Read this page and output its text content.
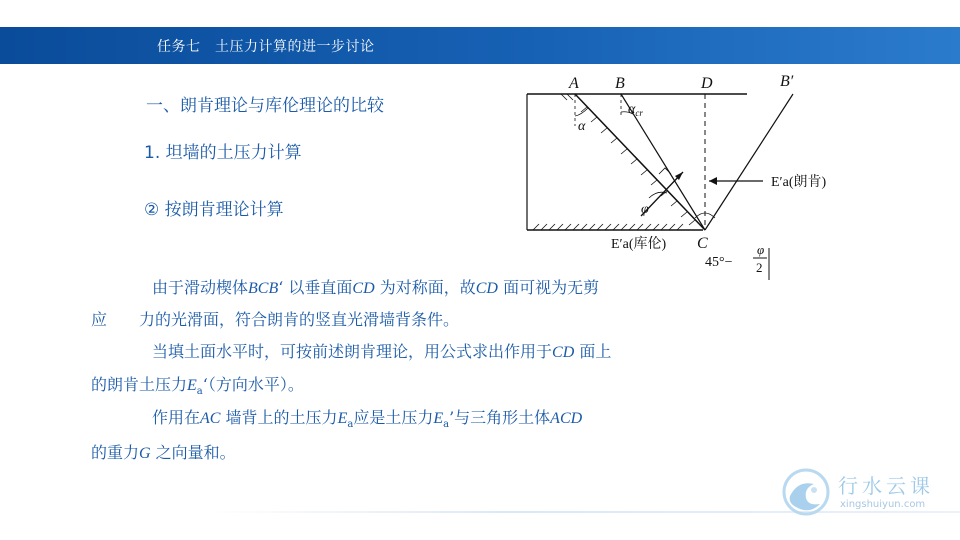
任务七　土压力计算的进一步讨论
一、朗肯理论与库伦理论的比较
1. 坦墙的土压力计算
② 按朗肯理论计算
A B	D	B′
C
α
$\alpha_{cr}$
φ
E′a(朗肯)
E′a(库伦)
45°−
φ
2
由于滑动楔体BCB‘ 以垂直面CD 为对称面，故CD 面可视为无剪
应　　力的光滑面，符合朗肯的竖直光滑墙背条件。
当填土面水平时，可按前述朗肯理论，用公式求出作用于CD 面上
的朗肯土压力$E_a‘$（方向水平）。
作用在AC 墙背上的土压力$E_a$应是土压力$E_a$’与三角形土体ACD
的重力G 之向量和。
行水云课
xingshuiyun.com
